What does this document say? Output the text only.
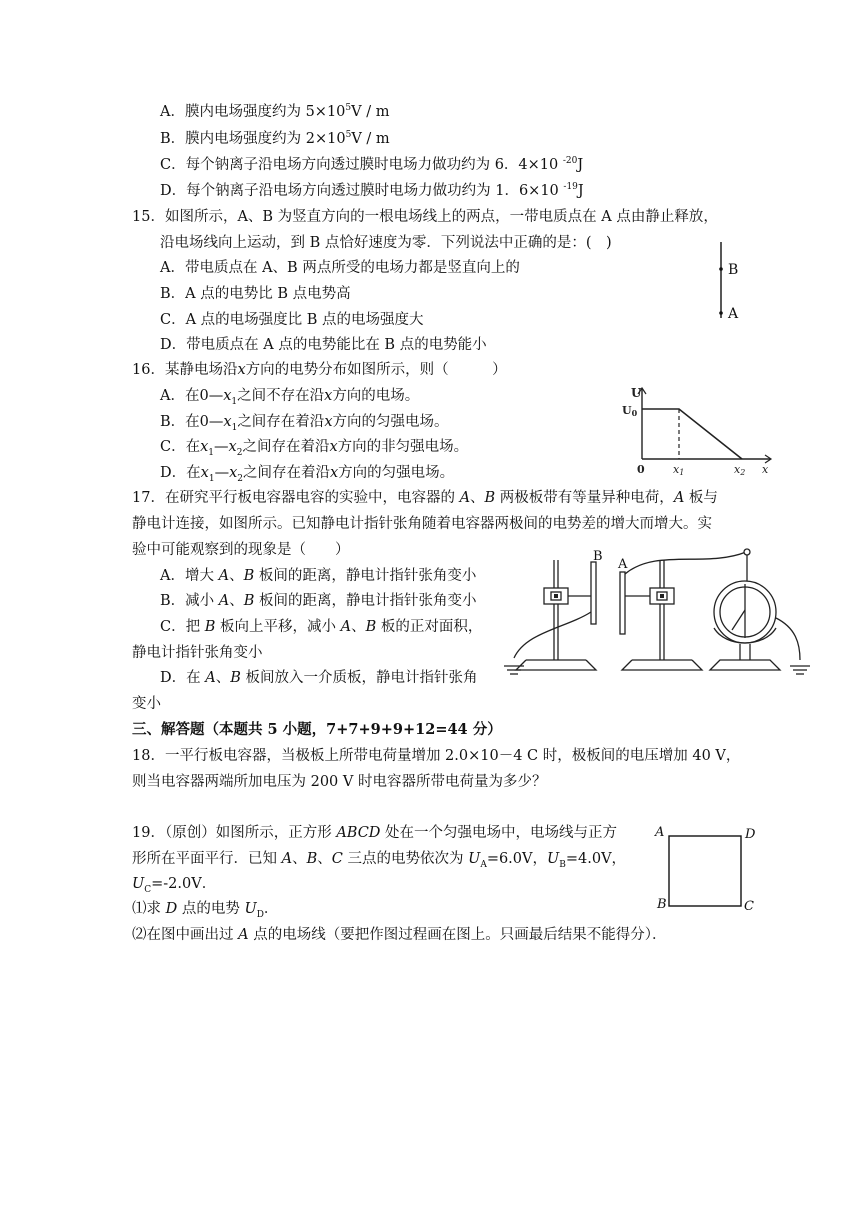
A．膜内电场强度约为 $5\times 10^5V / m$
B．膜内电场强度约为 $2\times 10^5V / m$
C．每个钠离子沿电场方向透过膜时电场力做功约为 6．4×10 $^{-20}$J
D．每个钠离子沿电场方向透过膜时电场力做功约为 1．6×10 $^{-19}$J
15．如图所示，A、B 为竖直方向的一根电场线上的两点，一带电质点在 A 点由静止释放，
沿电场线向上运动，到 B 点恰好速度为零．下列说法中正确的是：(　)
A．带电质点在 A、B 两点所受的电场力都是竖直向上的
B．A 点的电势比 B 点电势高
C．A 点的电场强度比 B 点的电场强度大
D．带电质点在 A 点的电势能比在 B 点的电势能小
B
A
16．某静电场沿x方向的电势分布如图所示，则（　　　）
A．在$0—x_1$之间不存在沿x方向的电场。
B．在$0—x_1$之间存在着沿x方向的匀强电场。
C．在$x_1—x_2$之间存在着沿x方向的非匀强电场。
D．在$x_1—x_2$之间存在着沿x方向的匀强电场。
U
U0
0	x1	x2 x
17．在研究平行板电容器电容的实验中，电容器的 A、B 两极板带有等量异种电荷，A 板与
静电计连接，如图所示。已知静电计指针张角随着电容器两极间的电势差的增大而增大。实
验中可能观察到的现象是（　　）
A．增大 A、B 板间的距离，静电计指针张角变小
B．减小 A、B 板间的距离，静电计指针张角变小
C．把 B 板向上平移，减小 A、B 板的正对面积，
静电计指针张角变小
D．在 A、B 板间放入一介质板，静电计指针张角
变小
B
A
三、解答题（本题共 5 小题，7+7+9+9+12=44 分）
18．一平行板电容器，当极板上所带电荷量增加 2.0×10－4 C 时，极板间的电压增加 40 V，
则当电容器两端所加电压为 200 V 时电容器所带电荷量为多少？
19．（原创）如图所示，正方形 ABCD 处在一个匀强电场中，电场线与正方
形所在平面平行．已知 A、B、C 三点的电势依次为 $U_A=6.0V$，$U_B=4.0V$，
$U_C=-2.0V$．
⑴求 D 点的电势 $U_D$．
⑵在图中画出过 A 点的电场线（要把作图过程画在图上。只画最后结果不能得分）．
A	D
B	C
